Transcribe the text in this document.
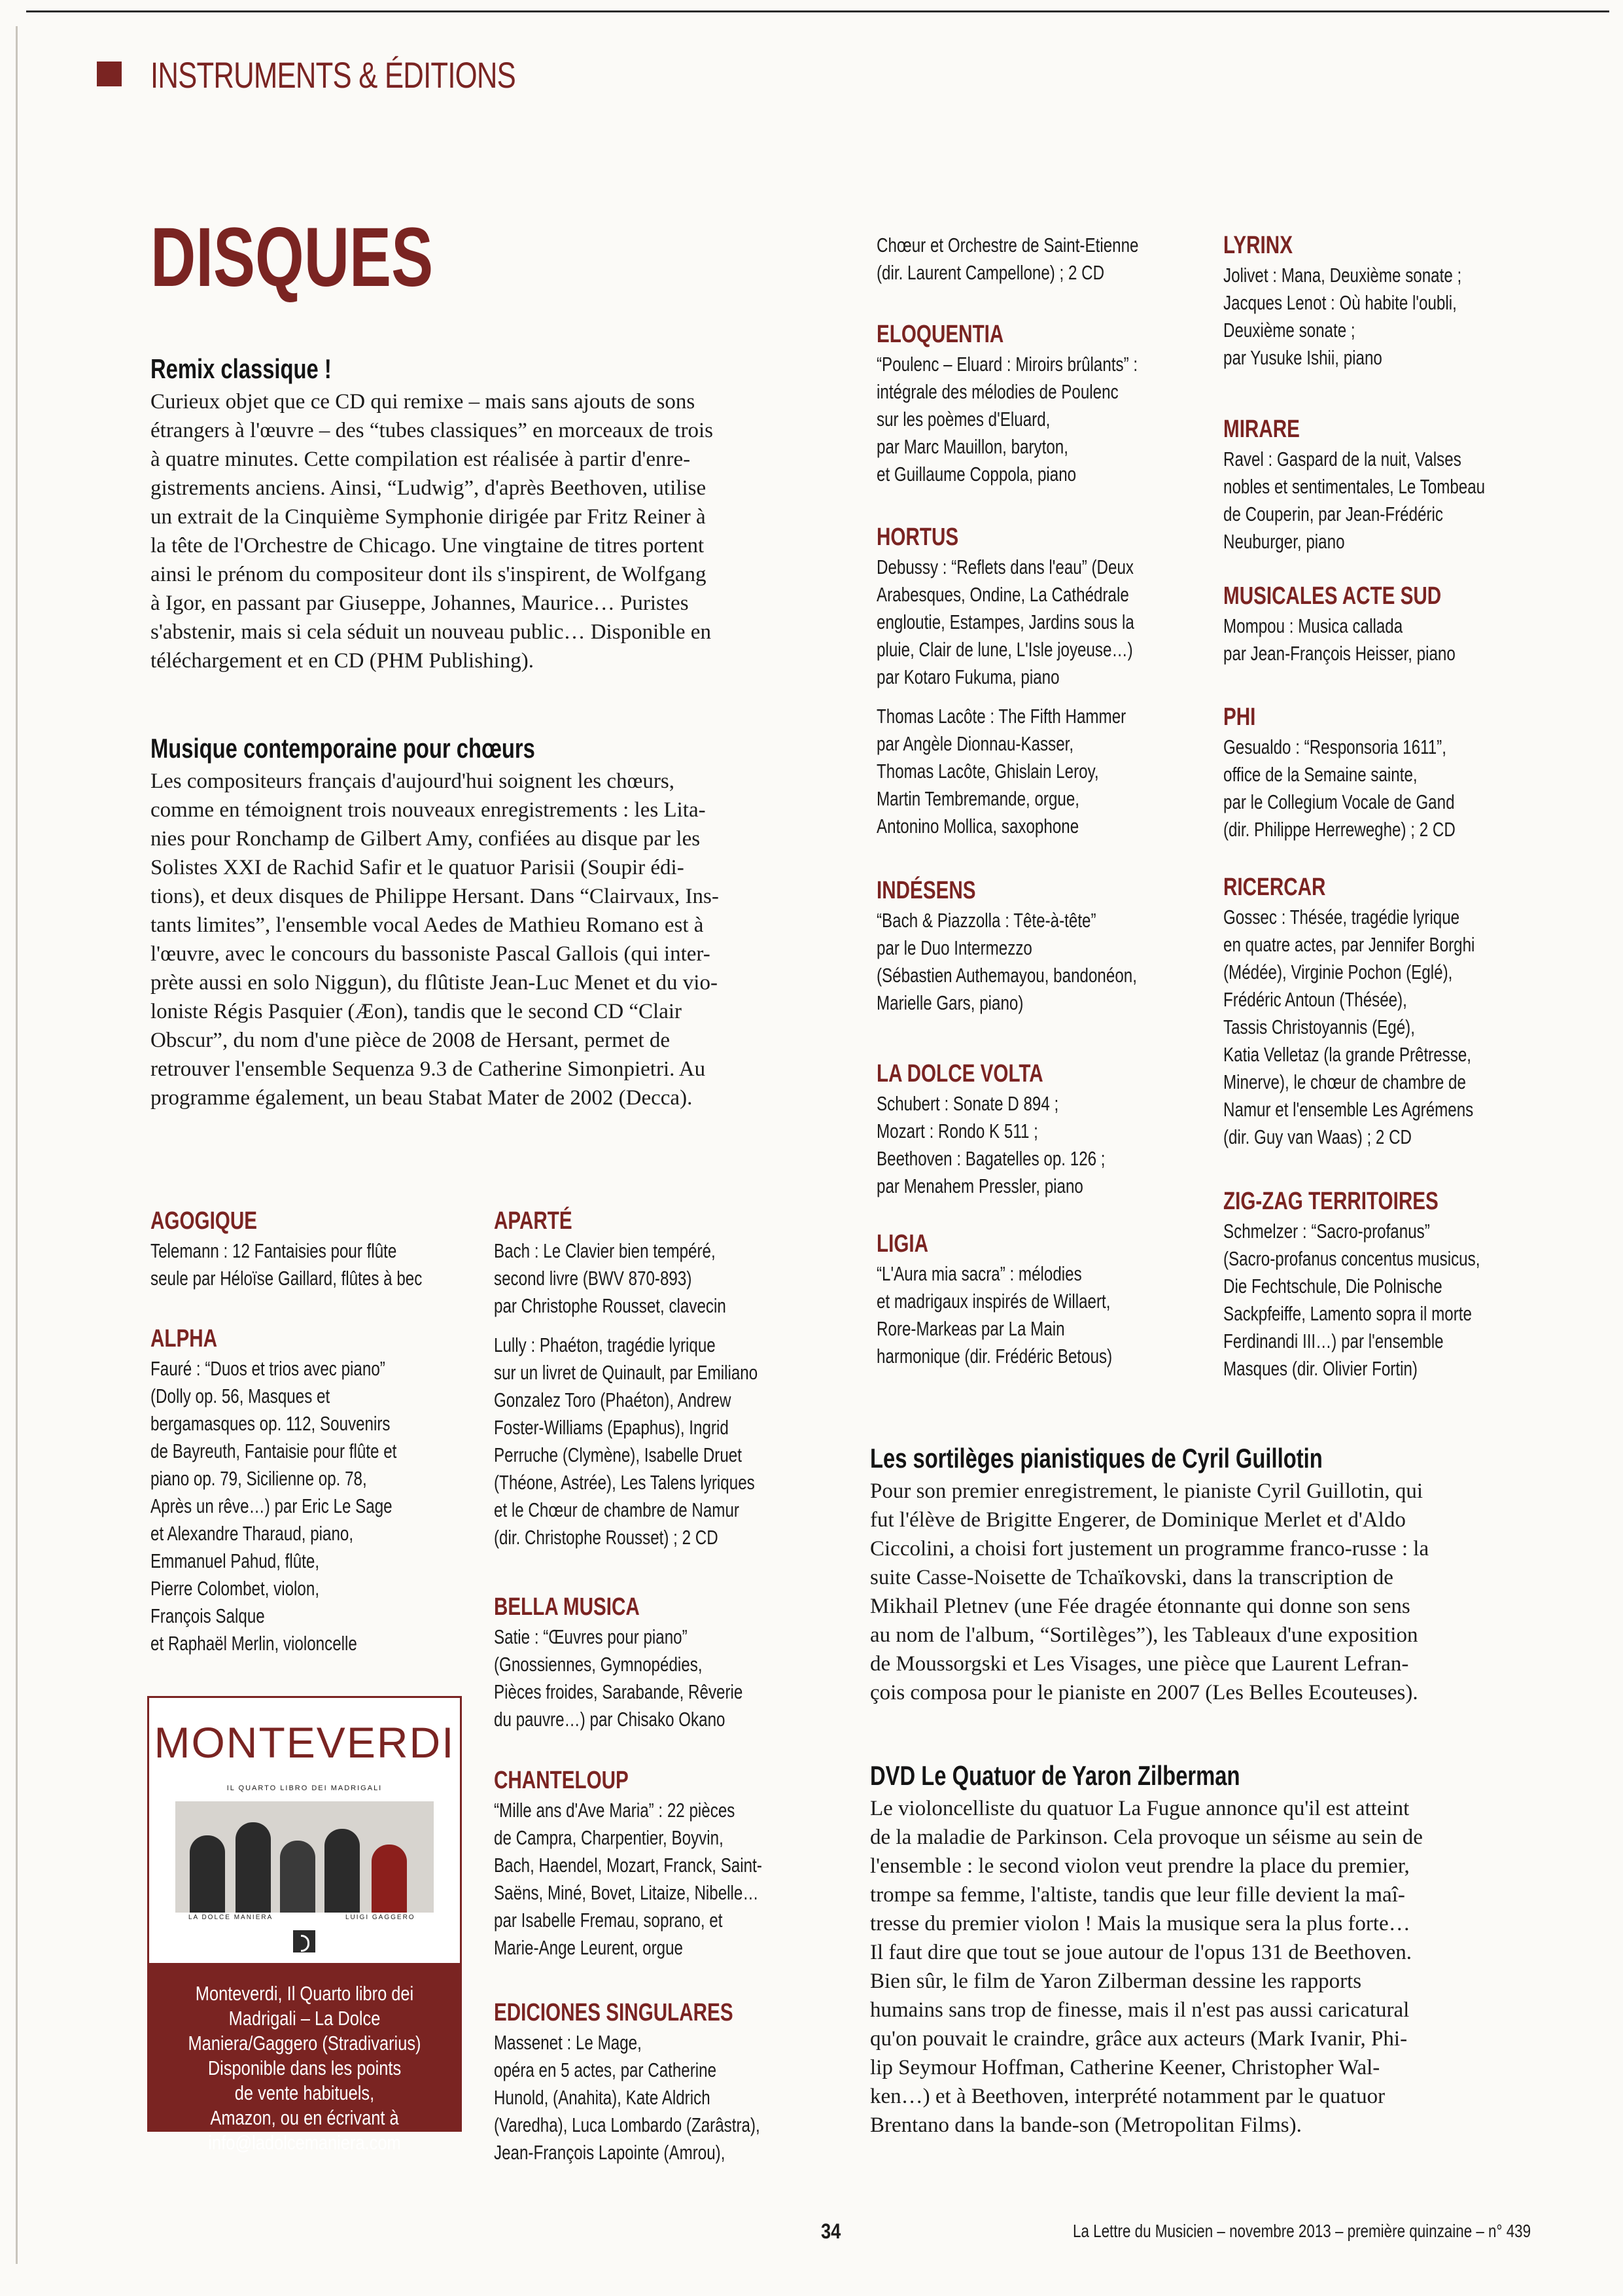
INSTRUMENTS & ÉDITIONS
DISQUES
Remix classique !
Curieux objet que ce CD qui remixe – mais sans ajouts de sons
étrangers à l'œuvre – des “tubes classiques” en morceaux de trois
à quatre minutes. Cette compilation est réalisée à partir d'enre-
gistrements anciens. Ainsi, “Ludwig”, d'après Beethoven, utilise
un extrait de la Cinquième Symphonie dirigée par Fritz Reiner à
la tête de l'Orchestre de Chicago. Une vingtaine de titres portent
ainsi le prénom du compositeur dont ils s'inspirent, de Wolfgang
à Igor, en passant par Giuseppe, Johannes, Maurice… Puristes
s'abstenir, mais si cela séduit un nouveau public… Disponible en
téléchargement et en CD (PHM Publishing).
Musique contemporaine pour chœurs
Les compositeurs français d'aujourd'hui soignent les chœurs,
comme en témoignent trois nouveaux enregistrements : les Lita-
nies pour Ronchamp de Gilbert Amy, confiées au disque par les
Solistes XXI de Rachid Safir et le quatuor Parisii (Soupir édi-
tions), et deux disques de Philippe Hersant. Dans “Clairvaux, Ins-
tants limites”, l'ensemble vocal Aedes de Mathieu Romano est à
l'œuvre, avec le concours du bassoniste Pascal Gallois (qui inter-
prète aussi en solo Niggun), du flûtiste Jean-Luc Menet et du vio-
loniste Régis Pasquier (Æon), tandis que le second CD “Clair
Obscur”, du nom d'une pièce de 2008 de Hersant, permet de
retrouver l'ensemble Sequenza 9.3 de Catherine Simonpietri. Au
programme également, un beau Stabat Mater de 2002 (Decca).
Les sortilèges pianistiques de Cyril Guillotin
Pour son premier enregistrement, le pianiste Cyril Guillotin, qui
fut l'élève de Brigitte Engerer, de Dominique Merlet et d'Aldo
Ciccolini, a choisi fort justement un programme franco-russe : la
suite Casse-Noisette de Tchaïkovski, dans la transcription de
Mikhail Pletnev (une Fée dragée étonnante qui donne son sens
au nom de l'album, “Sortilèges”), les Tableaux d'une exposition
de Moussorgski et Les Visages, une pièce que Laurent Lefran-
çois composa pour le pianiste en 2007 (Les Belles Ecouteuses).
DVD Le Quatuor de Yaron Zilberman
Le violoncelliste du quatuor La Fugue annonce qu'il est atteint
de la maladie de Parkinson. Cela provoque un séisme au sein de
l'ensemble : le second violon veut prendre la place du premier,
trompe sa femme, l'altiste, tandis que leur fille devient la maî-
tresse du premier violon ! Mais la musique sera la plus forte…
Il faut dire que tout se joue autour de l'opus 131 de Beethoven.
Bien sûr, le film de Yaron Zilberman dessine les rapports
humains sans trop de finesse, mais il n'est pas aussi caricatural
qu'on pouvait le craindre, grâce aux acteurs (Mark Ivanir, Phi-
lip Seymour Hoffman, Catherine Keener, Christopher Wal-
ken…) et à Beethoven, interprété notamment par le quatuor
Brentano dans la bande-son (Metropolitan Films).
AGOGIQUE
Telemann : 12 Fantaisies pour flûte
seule par Héloïse Gaillard, flûtes à bec
ALPHA
Fauré : “Duos et trios avec piano”
(Dolly op. 56, Masques et
bergamasques op. 112, Souvenirs
de Bayreuth, Fantaisie pour flûte et
piano op. 79, Sicilienne op. 78,
Après un rêve…) par Eric Le Sage
et Alexandre Tharaud, piano,
Emmanuel Pahud, flûte,
Pierre Colombet, violon,
François Salque
et Raphaël Merlin, violoncelle
APARTÉ
Bach : Le Clavier bien tempéré,
second livre (BWV 870-893)
par Christophe Rousset, clavecin
Lully : Phaéton, tragédie lyrique
sur un livret de Quinault, par Emiliano
Gonzalez Toro (Phaéton), Andrew
Foster-Williams (Epaphus), Ingrid
Perruche (Clymène), Isabelle Druet
(Théone, Astrée), Les Talens lyriques
et le Chœur de chambre de Namur
(dir. Christophe Rousset) ; 2 CD
BELLA MUSICA
Satie : “Œuvres pour piano”
(Gnossiennes, Gymnopédies,
Pièces froides, Sarabande, Rêverie
du pauvre…) par Chisako Okano
CHANTELOUP
“Mille ans d'Ave Maria” : 22 pièces
de Campra, Charpentier, Boyvin,
Bach, Haendel, Mozart, Franck, Saint-
Saëns, Miné, Bovet, Litaize, Nibelle…
par Isabelle Fremau, soprano, et
Marie-Ange Leurent, orgue
EDICIONES SINGULARES
Massenet : Le Mage,
opéra en 5 actes, par Catherine
Hunold, (Anahita), Kate Aldrich
(Varedha), Luca Lombardo (Zarâstra),
Jean-François Lapointe (Amrou),
Chœur et Orchestre de Saint-Etienne
(dir. Laurent Campellone) ; 2 CD
ELOQUENTIA
“Poulenc – Eluard : Miroirs brûlants” :
intégrale des mélodies de Poulenc
sur les poèmes d'Eluard,
par Marc Mauillon, baryton,
et Guillaume Coppola, piano
HORTUS
Debussy : “Reflets dans l'eau” (Deux
Arabesques, Ondine, La Cathédrale
engloutie, Estampes, Jardins sous la
pluie, Clair de lune, L'Isle joyeuse…)
par Kotaro Fukuma, piano
Thomas Lacôte : The Fifth Hammer
par Angèle Dionnau-Kasser,
Thomas Lacôte, Ghislain Leroy,
Martin Tembremande, orgue,
Antonino Mollica, saxophone
INDÉSENS
“Bach & Piazzolla : Tête-à-tête”
par le Duo Intermezzo
(Sébastien Authemayou, bandonéon,
Marielle Gars, piano)
LA DOLCE VOLTA
Schubert : Sonate D 894 ;
Mozart : Rondo K 511 ;
Beethoven : Bagatelles op. 126 ;
par Menahem Pressler, piano
LIGIA
“L'Aura mia sacra” : mélodies
et madrigaux inspirés de Willaert,
Rore-Markeas par La Main
harmonique (dir. Frédéric Betous)
LYRINX
Jolivet : Mana, Deuxième sonate ;
Jacques Lenot : Où habite l'oubli,
Deuxième sonate ;
par Yusuke Ishii, piano
MIRARE
Ravel : Gaspard de la nuit, Valses
nobles et sentimentales, Le Tombeau
de Couperin, par Jean-Frédéric
Neuburger, piano
MUSICALES ACTE SUD
Mompou : Musica callada
par Jean-François Heisser, piano
PHI
Gesualdo : “Responsoria 1611”,
office de la Semaine sainte,
par le Collegium Vocale de Gand
(dir. Philippe Herreweghe) ; 2 CD
RICERCAR
Gossec : Thésée, tragédie lyrique
en quatre actes, par Jennifer Borghi
(Médée), Virginie Pochon (Eglé),
Frédéric Antoun (Thésée),
Tassis Christoyannis (Egé),
Katia Velletaz (la grande Prêtresse,
Minerve), le chœur de chambre de
Namur et l'ensemble Les Agrémens
(dir. Guy van Waas) ; 2 CD
ZIG-ZAG TERRITOIRES
Schmelzer : “Sacro-profanus”
(Sacro-profanus concentus musicus,
Die Fechtschule, Die Polnische
Sackpfeiffe, Lamento sopra il morte
Ferdinandi III…) par l'ensemble
Masques (dir. Olivier Fortin)
MONTEVERDI
IL QUARTO LIBRO DEI MADRIGALI
LA DOLCE MANIERA	LUIGI GAGGERO
Monteverdi, Il Quarto libro dei
Madrigali – La Dolce
Maniera/Gaggero (Stradivarius)
Disponible dans les points
de vente habituels,
Amazon, ou en écrivant à
info@ladolcemaniera.com
34	La Lettre du Musicien – novembre 2013 – première quinzaine – n° 439
